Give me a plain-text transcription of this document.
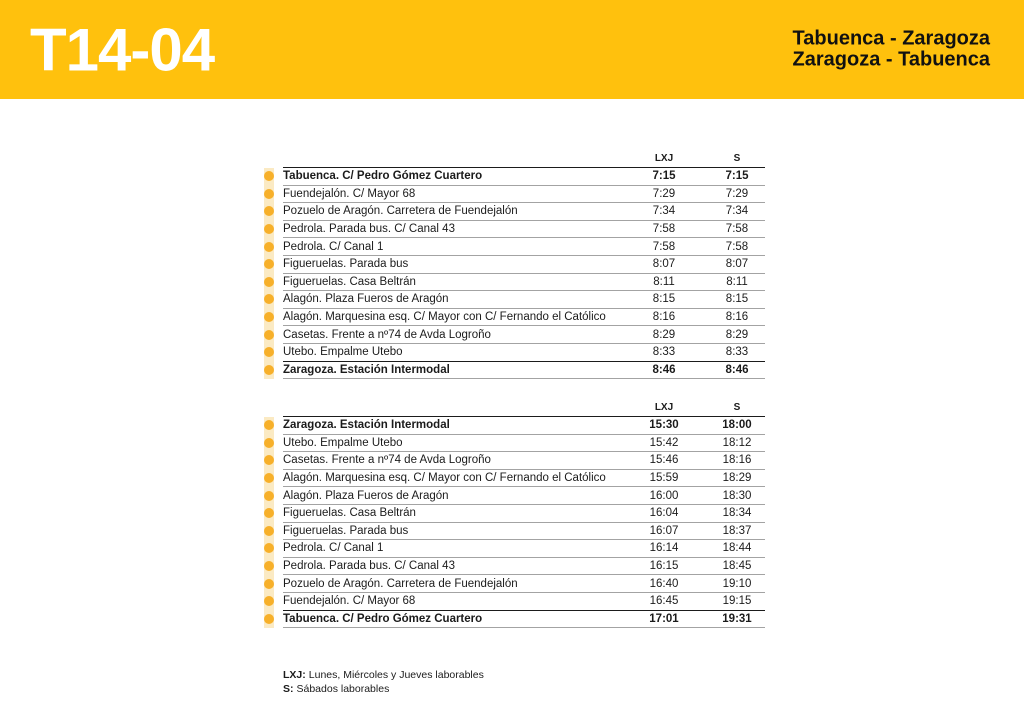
T14-04	Tabuenca - Zaragoza
Zaragoza - Tabuenca
LXJ	S
Tabuenca. C/ Pedro Gómez Cuartero	7:15	7:15
Fuendejalón. C/ Mayor 68	7:29	7:29
Pozuelo de Aragón. Carretera de Fuendejalón	7:34	7:34
Pedrola. Parada bus. C/ Canal 43	7:58	7:58
Pedrola. C/ Canal 1	7:58	7:58
Figueruelas. Parada bus	8:07	8:07
Figueruelas. Casa Beltrán	8:11	8:11
Alagón. Plaza Fueros de Aragón	8:15	8:15
Alagón. Marquesina esq. C/ Mayor con C/ Fernando el Católico	8:16	8:16
Casetas. Frente a nº74 de Avda Logroño	8:29	8:29
Utebo. Empalme Utebo	8:33	8:33
Zaragoza. Estación Intermodal	8:46	8:46
LXJ	S
Zaragoza. Estación Intermodal	15:30	18:00
Utebo. Empalme Utebo	15:42	18:12
Casetas. Frente a nº74 de Avda Logroño	15:46	18:16
Alagón. Marquesina esq. C/ Mayor con C/ Fernando el Católico	15:59	18:29
Alagón. Plaza Fueros de Aragón	16:00	18:30
Figueruelas. Casa Beltrán	16:04	18:34
Figueruelas. Parada bus	16:07	18:37
Pedrola. C/ Canal 1	16:14	18:44
Pedrola. Parada bus. C/ Canal 43	16:15	18:45
Pozuelo de Aragón. Carretera de Fuendejalón	16:40	19:10
Fuendejalón. C/ Mayor 68	16:45	19:15
Tabuenca. C/ Pedro Gómez Cuartero	17:01	19:31
LXJ: Lunes, Miércoles y Jueves laborables
S: Sábados laborables
